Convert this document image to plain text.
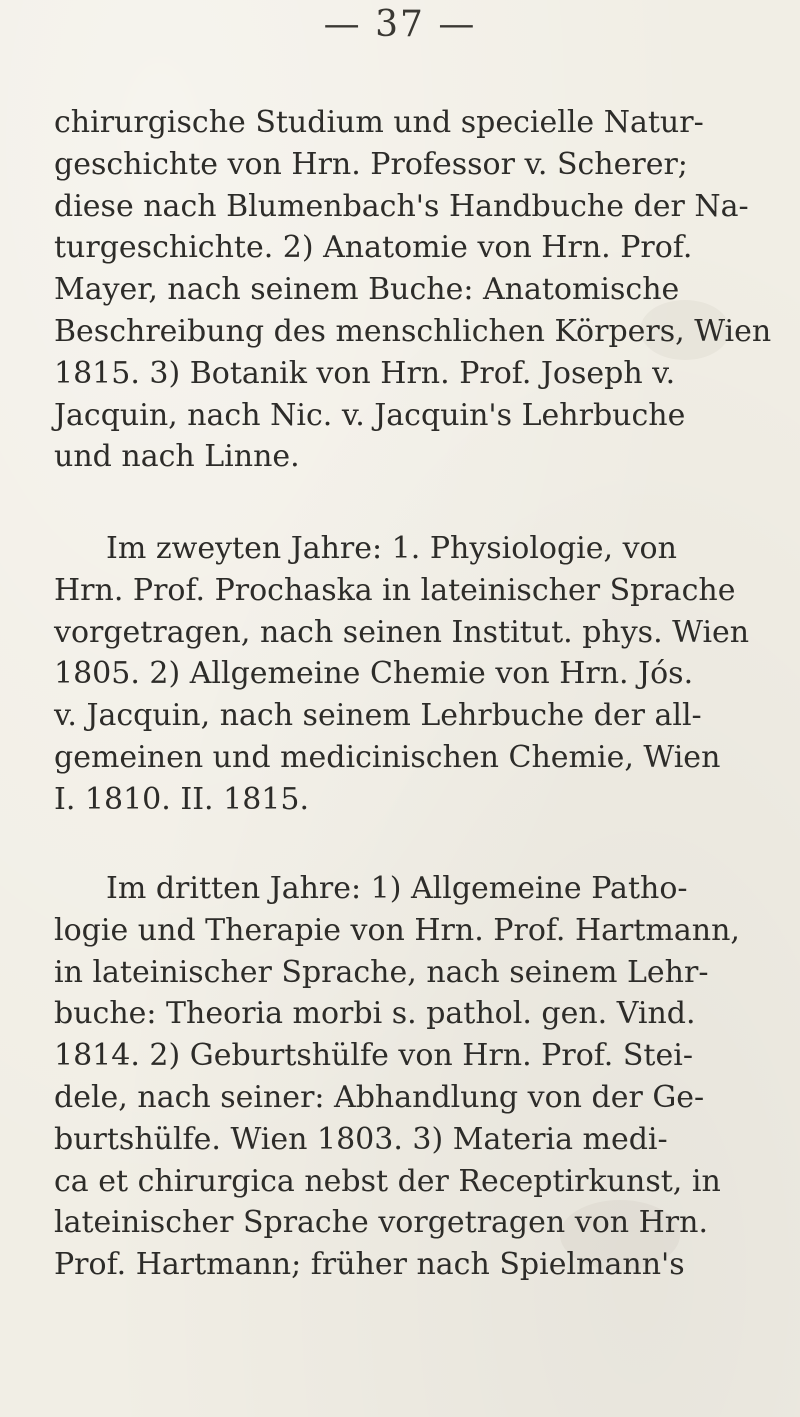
— 37 —
chirurgische Studium und specielle Natur-
geschichte von Hrn. Professor v. Scherer;
diese nach Blumenbach's Handbuche der Na-
turgeschichte. 2) Anatomie von Hrn. Prof.
Mayer, nach seinem Buche: Anatomische
Beschreibung des menschlichen Körpers, Wien
1815. 3) Botanik von Hrn. Prof. Joseph v.
Jacquin, nach Nic. v. Jacquin's Lehrbuche
und nach Linne.
Im zweyten Jahre: 1. Physiologie, von
Hrn. Prof. Prochaska in lateinischer Sprache
vorgetragen, nach seinen Institut. phys. Wien
1805. 2) Allgemeine Chemie von Hrn. Jós.
v. Jacquin, nach seinem Lehrbuche der all-
gemeinen und medicinischen Chemie, Wien
I. 1810. II. 1815.
Im dritten Jahre: 1) Allgemeine Patho-
logie und Therapie von Hrn. Prof. Hartmann,
in lateinischer Sprache, nach seinem Lehr-
buche: Theoria morbi s. pathol. gen. Vind.
1814. 2) Geburtshülfe von Hrn. Prof. Stei-
dele, nach seiner: Abhandlung von der Ge-
burtshülfe. Wien 1803. 3) Materia medi-
ca et chirurgica nebst der Receptirkunst, in
lateinischer Sprache vorgetragen von Hrn.
Prof. Hartmann; früher nach Spielmann's
